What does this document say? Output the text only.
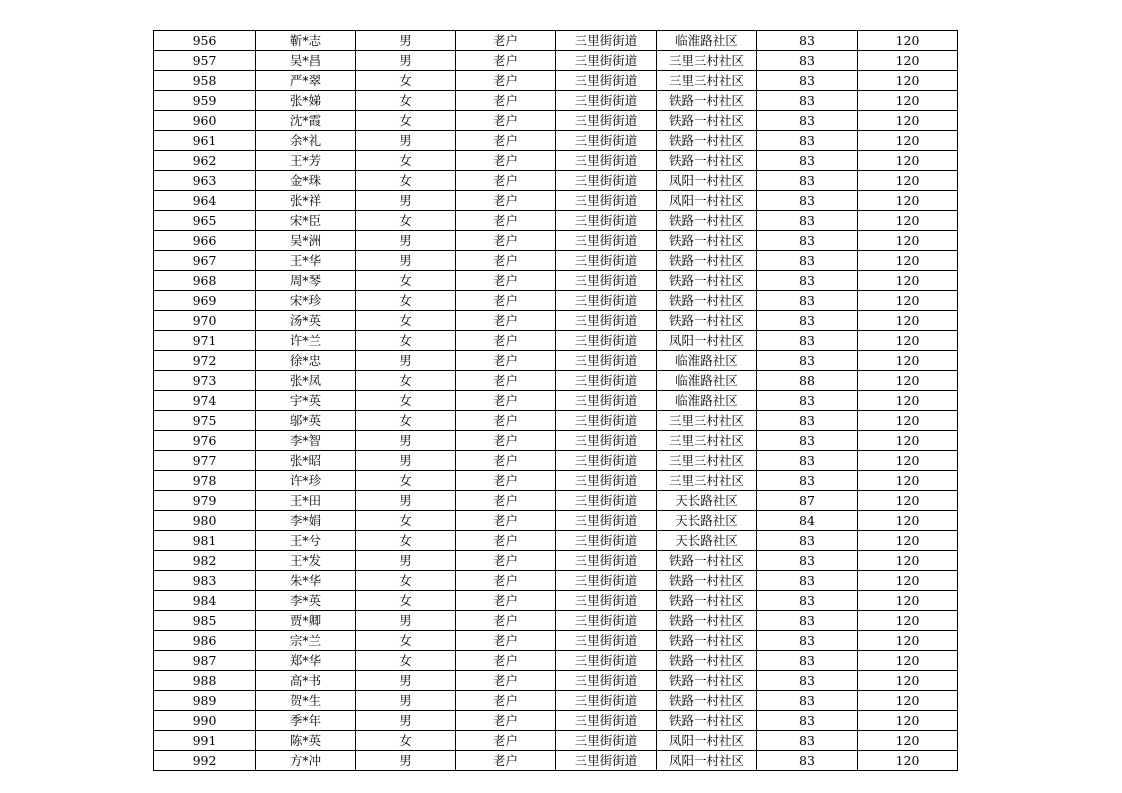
956	靳*志	男	老户	三里街街道	临淮路社区	83	120
957	吴*昌	男	老户	三里街街道	三里三村社区	83	120
958	严*翠	女	老户	三里街街道	三里三村社区	83	120
959	张*娣	女	老户	三里街街道	铁路一村社区	83	120
960	沈*霞	女	老户	三里街街道	铁路一村社区	83	120
961	余*礼	男	老户	三里街街道	铁路一村社区	83	120
962	王*芳	女	老户	三里街街道	铁路一村社区	83	120
963	金*珠	女	老户	三里街街道	凤阳一村社区	83	120
964	张*祥	男	老户	三里街街道	凤阳一村社区	83	120
965	宋*臣	女	老户	三里街街道	铁路一村社区	83	120
966	吴*洲	男	老户	三里街街道	铁路一村社区	83	120
967	王*华	男	老户	三里街街道	铁路一村社区	83	120
968	周*琴	女	老户	三里街街道	铁路一村社区	83	120
969	宋*珍	女	老户	三里街街道	铁路一村社区	83	120
970	汤*英	女	老户	三里街街道	铁路一村社区	83	120
971	许*兰	女	老户	三里街街道	凤阳一村社区	83	120
972	徐*忠	男	老户	三里街街道	临淮路社区	83	120
973	张*凤	女	老户	三里街街道	临淮路社区	88	120
974	宇*英	女	老户	三里街街道	临淮路社区	83	120
975	邬*英	女	老户	三里街街道	三里三村社区	83	120
976	李*智	男	老户	三里街街道	三里三村社区	83	120
977	张*昭	男	老户	三里街街道	三里三村社区	83	120
978	许*珍	女	老户	三里街街道	三里三村社区	83	120
979	王*田	男	老户	三里街街道	天长路社区	87	120
980	李*娟	女	老户	三里街街道	天长路社区	84	120
981	王*兮	女	老户	三里街街道	天长路社区	83	120
982	王*发	男	老户	三里街街道	铁路一村社区	83	120
983	朱*华	女	老户	三里街街道	铁路一村社区	83	120
984	李*英	女	老户	三里街街道	铁路一村社区	83	120
985	贾*卿	男	老户	三里街街道	铁路一村社区	83	120
986	宗*兰	女	老户	三里街街道	铁路一村社区	83	120
987	郑*华	女	老户	三里街街道	铁路一村社区	83	120
988	高*书	男	老户	三里街街道	铁路一村社区	83	120
989	贺*生	男	老户	三里街街道	铁路一村社区	83	120
990	季*年	男	老户	三里街街道	铁路一村社区	83	120
991	陈*英	女	老户	三里街街道	凤阳一村社区	83	120
992	方*冲	男	老户	三里街街道	凤阳一村社区	83	120
